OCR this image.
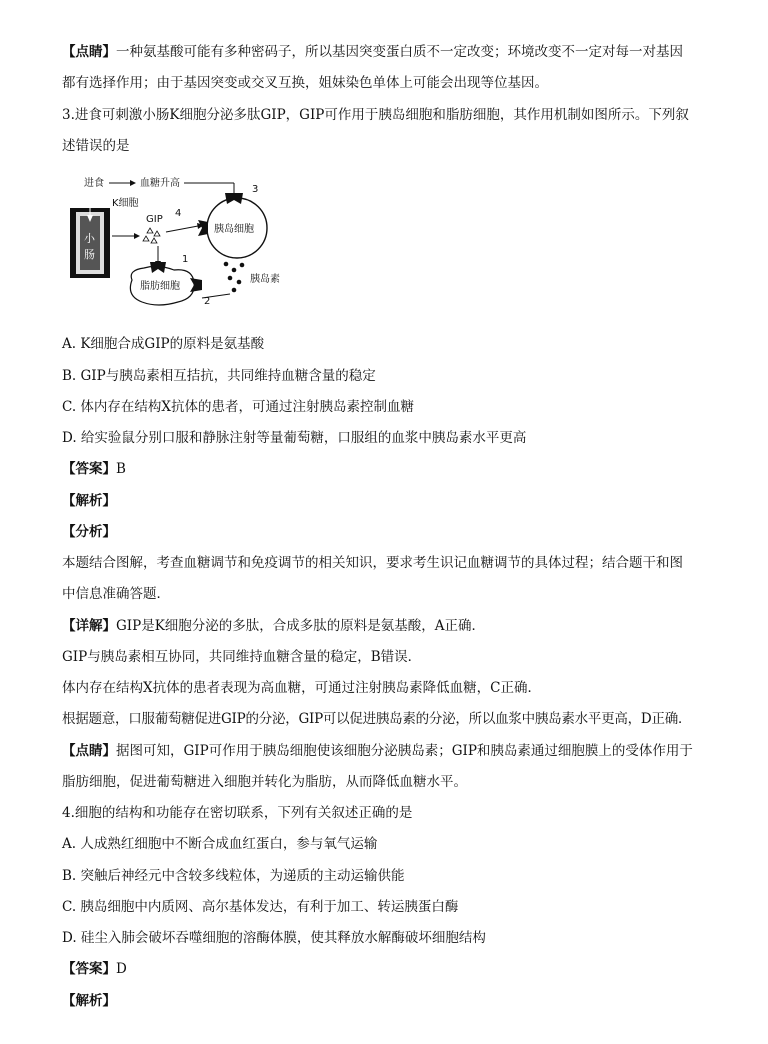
【点睛】一种氨基酸可能有多种密码子，所以基因突变蛋白质不一定改变；环境改变不一定对每一对基因
都有选择作用；由于基因突变或交叉互换，姐妹染色单体上可能会出现等位基因。
3.进食可刺激小肠K细胞分泌多肽GIP，GIP可作用于胰岛细胞和脂肪细胞，其作用机制如图所示。下列叙
述错误的是
进食	血糖升高
小
肠
K细胞
GIP
4
胰岛细胞
3
胰岛素
脂肪细胞
1
2
A. K细胞合成GIP的原料是氨基酸
B. GIP与胰岛素相互拮抗，共同维持血糖含量的稳定
C. 体内存在结构X抗体的患者，可通过注射胰岛素控制血糖
D. 给实验鼠分别口服和静脉注射等量葡萄糖，口服组的血浆中胰岛素水平更高
【答案】B
【解析】
【分析】
本题结合图解，考查血糖调节和免疫调节的相关知识，要求考生识记血糖调节的具体过程；结合题干和图
中信息准确答题．
【详解】GIP是K细胞分泌的多肽，合成多肽的原料是氨基酸，A正确．
GIP与胰岛素相互协同，共同维持血糖含量的稳定，B错误．
体内存在结构X抗体的患者表现为高血糖，可通过注射胰岛素降低血糖，C正确．
根据题意，口服葡萄糖促进GIP的分泌，GIP可以促进胰岛素的分泌，所以血浆中胰岛素水平更高，D正确．
【点睛】据图可知，GIP可作用于胰岛细胞使该细胞分泌胰岛素；GIP和胰岛素通过细胞膜上的受体作用于
脂肪细胞，促进葡萄糖进入细胞并转化为脂肪，从而降低血糖水平。
4.细胞的结构和功能存在密切联系，下列有关叙述正确的是
A. 人成熟红细胞中不断合成血红蛋白，参与氧气运输
B. 突触后神经元中含较多线粒体，为递质的主动运输供能
C. 胰岛细胞中内质网、高尔基体发达，有利于加工、转运胰蛋白酶
D. 硅尘入肺会破坏吞噬细胞的溶酶体膜，使其释放水解酶破坏细胞结构
【答案】D
【解析】
